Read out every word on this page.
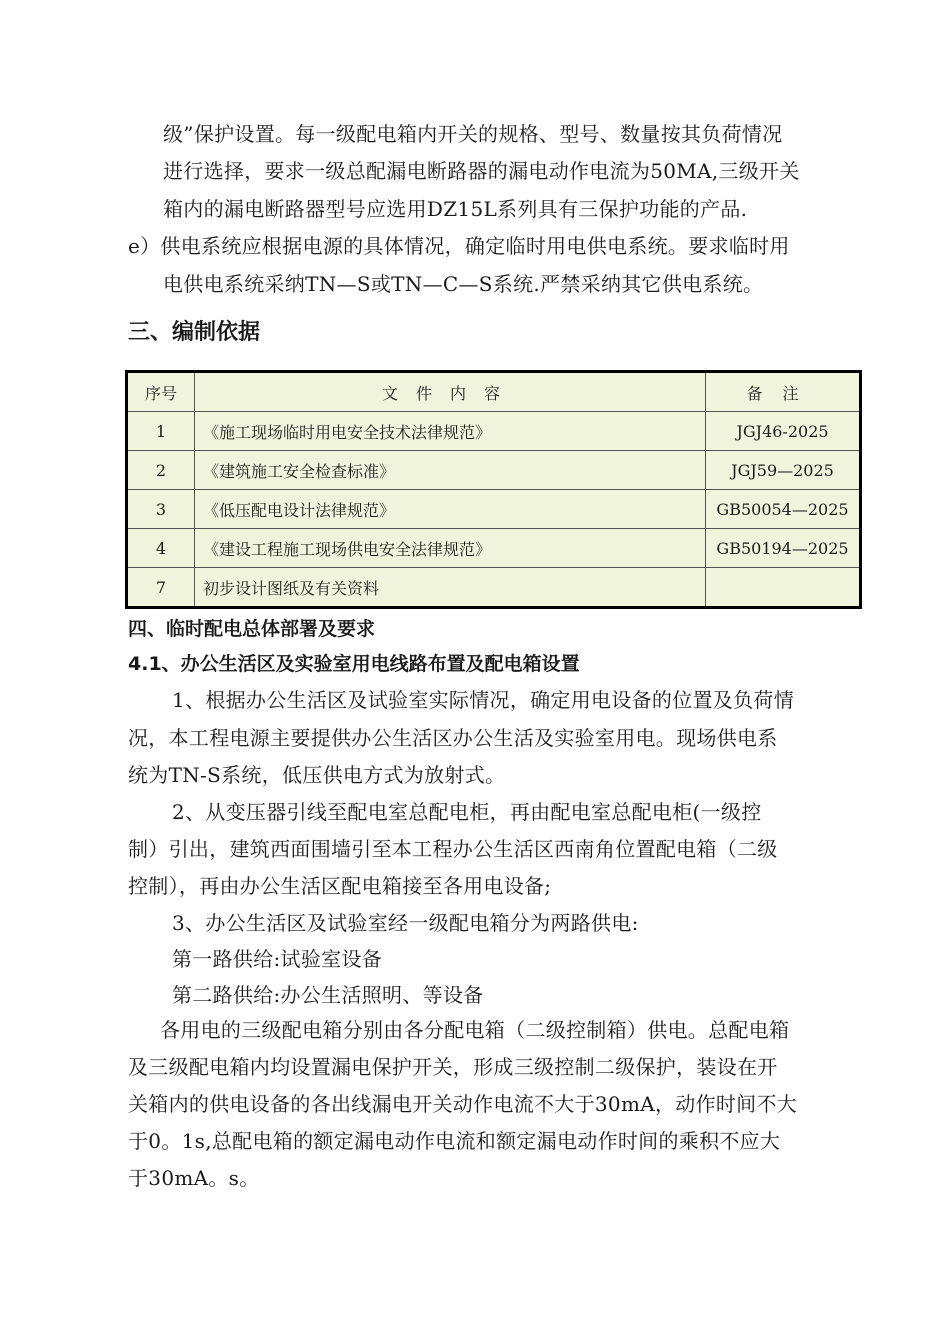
级”保护设置。每一级配电箱内开关的规格、型号、数量按其负荷情况
进行选择，要求一级总配漏电断路器的漏电动作电流为50MA,三级开关
箱内的漏电断路器型号应选用DZ15L系列具有三保护功能的产品.
e）供电系统应根据电源的具体情况，确定临时用电供电系统。要求临时用
电供电系统采纳TN—S或TN—C—S系统.严禁采纳其它供电系统。
三、编制依据
序号	文件内容	备注
1	《施工现场临时用电安全技术法律规范》	JGJ46-2025
2	《建筑施工安全检查标准》	JGJ59—2025
3	《低压配电设计法律规范》	GB50054—2025
4	《建设工程施工现场供电安全法律规范》	GB50194—2025
7	初步设计图纸及有关资料	
四、临时配电总体部署及要求
4.1、办公生活区及实验室用电线路布置及配电箱设置
1、根据办公生活区及试验室实际情况，确定用电设备的位置及负荷情
况，本工程电源主要提供办公生活区办公生活及实验室用电。现场供电系
统为TN-S系统，低压供电方式为放射式。
2、从变压器引线至配电室总配电柜，再由配电室总配电柜(一级控
制）引出，建筑西面围墙引至本工程办公生活区西南角位置配电箱（二级
控制），再由办公生活区配电箱接至各用电设备;
3、办公生活区及试验室经一级配电箱分为两路供电:
第一路供给:试验室设备
第二路供给:办公生活照明、等设备
各用电的三级配电箱分别由各分配电箱（二级控制箱）供电。总配电箱
及三级配电箱内均设置漏电保护开关，形成三级控制二级保护，装设在开
关箱内的供电设备的各出线漏电开关动作电流不大于30mA，动作时间不大
于0。1s,总配电箱的额定漏电动作电流和额定漏电动作时间的乘积不应大
于30mA。s。
